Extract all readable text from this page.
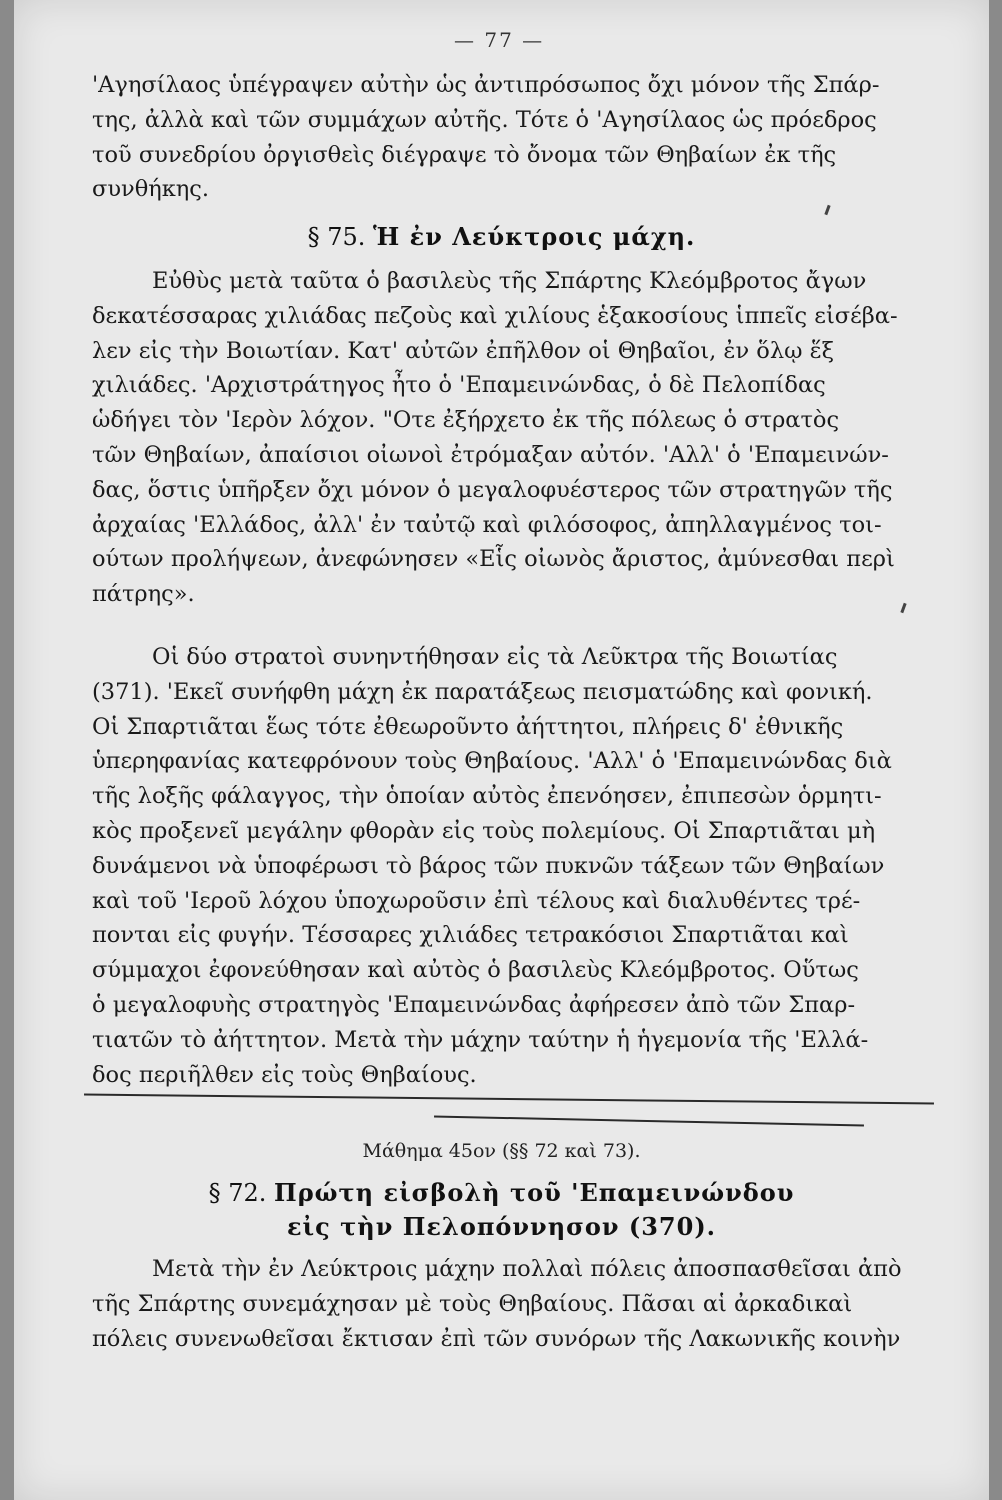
— 77 —

'Αγησίλαος ὑπέγραψεν αὐτὴν ὡς ἀντιπρόσωπος ὄχι μόνον τῆς Σπάρ-

της, ἀλλὰ καὶ τῶν συμμάχων αὐτῆς. Τότε ὁ 'Αγησίλαος ὡς πρόεδρος

τοῦ συνεδρίου ὀργισθεὶς διέγραψε τὸ ὄνομα τῶν Θηβαίων ἐκ τῆς

συνθήκης.

§ 75. Ἡ ἐν Λεύκτροις μάχη.

Εὐθὺς μετὰ ταῦτα ὁ βασιλεὺς τῆς Σπάρτης Κλεόμβροτος ἄγων

δεκατέσσαρας χιλιάδας πεζοὺς καὶ χιλίους ἑξακοσίους ἱππεῖς εἰσέβα-

λεν εἰς τὴν Βοιωτίαν. Κατ' αὐτῶν ἐπῆλθον οἱ Θηβαῖοι, ἐν ὅλῳ ἕξ

χιλιάδες. 'Αρχιστράτηγος ἦτο ὁ 'Επαμεινώνδας, ὁ δὲ Πελοπίδας

ὡδήγει τὸν 'Ιερὸν λόχον. "Οτε ἐξήρχετο ἐκ τῆς πόλεως ὁ στρατὸς

τῶν Θηβαίων, ἀπαίσιοι οἰωνοὶ ἐτρόμαξαν αὐτόν. 'Αλλ' ὁ 'Επαμεινών-

δας, ὅστις ὑπῆρξεν ὄχι μόνον ὁ μεγαλοφυέστερος τῶν στρατηγῶν τῆς

ἀρχαίας 'Ελλάδος, ἀλλ' ἐν ταὐτῷ καὶ φιλόσοφος, ἀπηλλαγμένος τοι-

ούτων προλήψεων, ἀνεφώνησεν «Εἷς οἰωνὸς ἄριστος, ἀμύνεσθαι περὶ

πάτρης».

Οἱ δύο στρατοὶ συνηντήθησαν εἰς τὰ Λεῦκτρα τῆς Βοιωτίας

(371). 'Εκεῖ συνήφθη μάχη ἐκ παρατάξεως πεισματώδης καὶ φονική.

Οἱ Σπαρτιᾶται ἕως τότε ἐθεωροῦντο ἀήττητοι, πλήρεις δ' ἐθνικῆς

ὑπερηφανίας κατεφρόνουν τοὺς Θηβαίους. 'Αλλ' ὁ 'Επαμεινώνδας διὰ

τῆς λοξῆς φάλαγγος, τὴν ὁποίαν αὐτὸς ἐπενόησεν, ἐπιπεσὼν ὁρμητι-

κὸς προξενεῖ μεγάλην φθορὰν εἰς τοὺς πολεμίους. Οἱ Σπαρτιᾶται μὴ

δυνάμενοι νὰ ὑποφέρωσι τὸ βάρος τῶν πυκνῶν τάξεων τῶν Θηβαίων

καὶ τοῦ 'Ιεροῦ λόχου ὑποχωροῦσιν ἐπὶ τέλους καὶ διαλυθέντες τρέ-

πονται εἰς φυγήν. Τέσσαρες χιλιάδες τετρακόσιοι Σπαρτιᾶται καὶ

σύμμαχοι ἐφονεύθησαν καὶ αὐτὸς ὁ βασιλεὺς Κλεόμβροτος. Οὕτως

ὁ μεγαλοφυὴς στρατηγὸς 'Επαμεινώνδας ἀφήρεσεν ἀπὸ τῶν Σπαρ-

τιατῶν τὸ ἀήττητον. Μετὰ τὴν μάχην ταύτην ἡ ἡγεμονία τῆς 'Ελλά-

δος περιῆλθεν εἰς τοὺς Θηβαίους.

Μάθημα 45ον (§§ 72 καὶ 73).
§ 72. Πρώτη εἰσβολὴ τοῦ 'Επαμεινώνδου
εἰς τὴν Πελοπόννησον (370).

Μετὰ τὴν ἐν Λεύκτροις μάχην πολλαὶ πόλεις ἀποσπασθεῖσαι ἀπὸ

τῆς Σπάρτης συνεμάχησαν μὲ τοὺς Θηβαίους. Πᾶσαι αἱ ἀρκαδικαὶ

πόλεις συνενωθεῖσαι ἔκτισαν ἐπὶ τῶν συνόρων τῆς Λακωνικῆς κοινὴν
